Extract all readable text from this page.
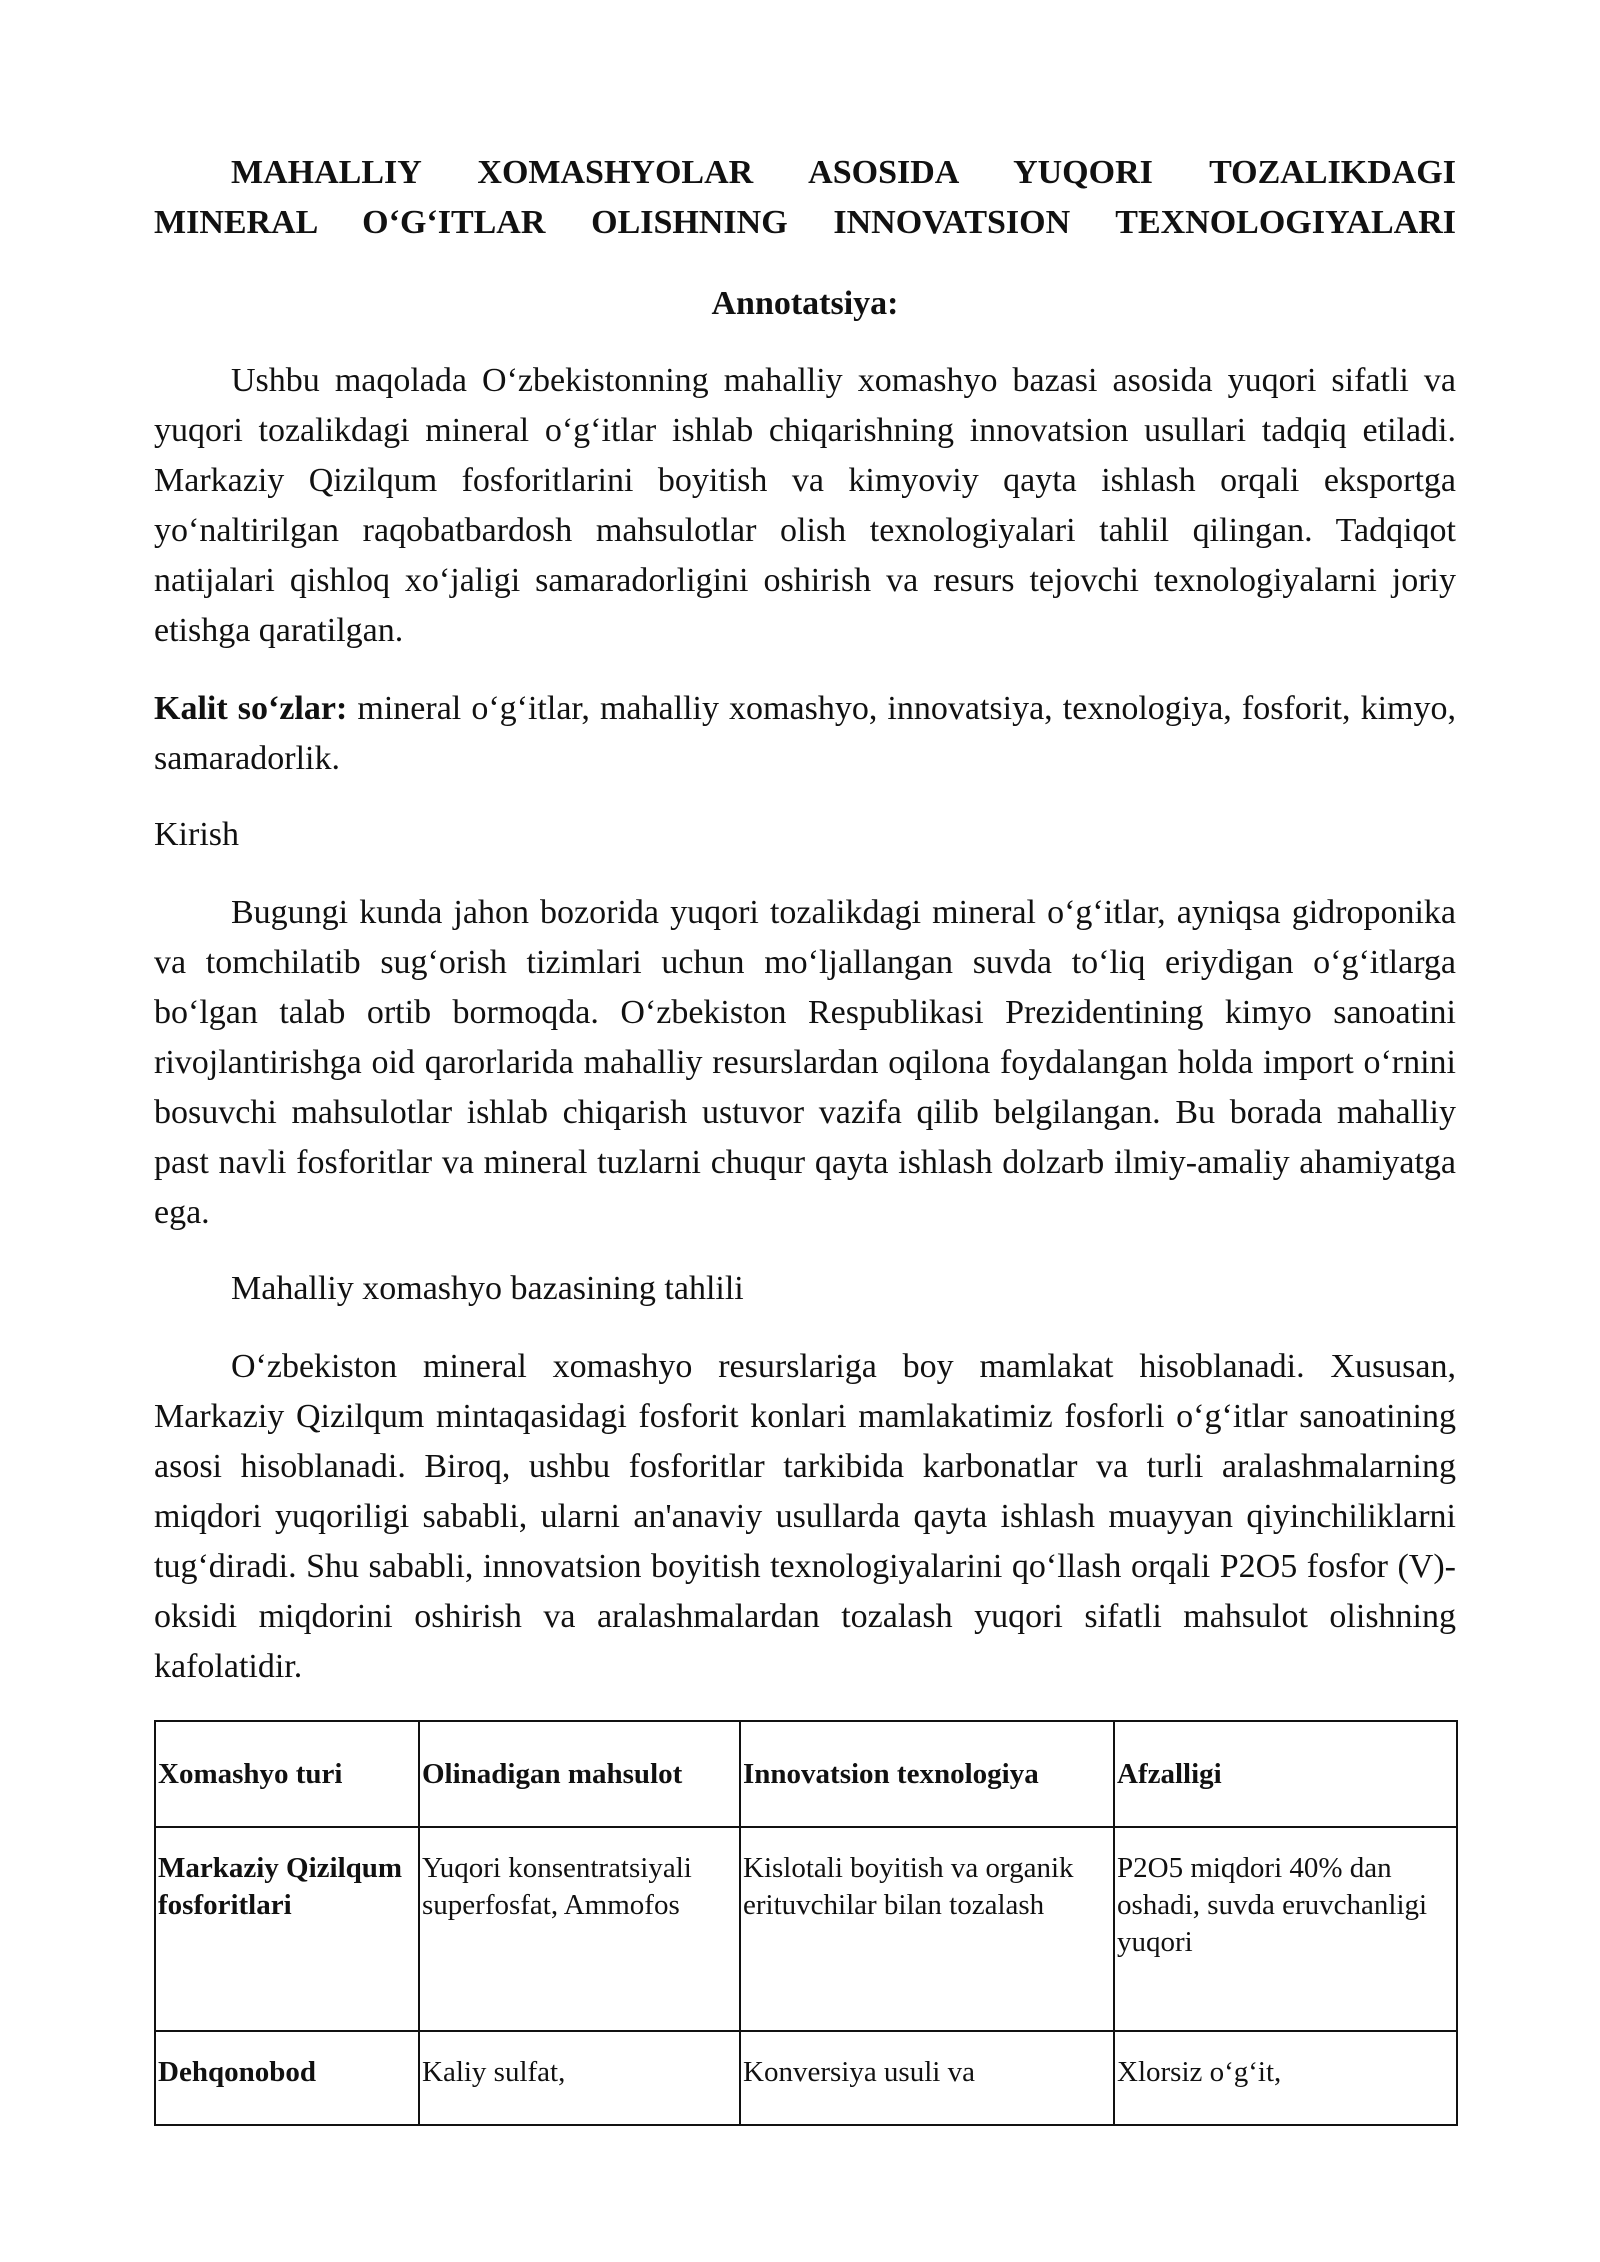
MAHALLIY XOMASHYOLAR ASOSIDA YUQORI TOZALIKDAGI
MINERAL O‘G‘ITLAR OLISHNING INNOVATSION TEXNOLOGIYALARI
Annotatsiya:
Ushbu maqolada O‘zbekistonning mahalliy xomashyo bazasi asosida yuqori sifatli va yuqori tozalikdagi mineral o‘g‘itlar ishlab chiqarishning innovatsion usullari tadqiq etiladi. Markaziy Qizilqum fosforitlarini boyitish va kimyoviy qayta ishlash orqali eksportga yo‘naltirilgan raqobatbardosh mahsulotlar olish texnologiyalari tahlil qilingan. Tadqiqot natijalari qishloq xo‘jaligi samaradorligini oshirish va resurs tejovchi texnologiyalarni joriy etishga qaratilgan.
Kalit so‘zlar: mineral o‘g‘itlar, mahalliy xomashyo, innovatsiya, texnologiya, fosforit, kimyo, samaradorlik.
Kirish
Bugungi kunda jahon bozorida yuqori tozalikdagi mineral o‘g‘itlar, ayniqsa gidroponika va tomchilatib sug‘orish tizimlari uchun mo‘ljallangan suvda to‘liq eriydigan o‘g‘itlarga bo‘lgan talab ortib bormoqda. O‘zbekiston Respublikasi Prezidentining kimyo sanoatini rivojlantirishga oid qarorlarida mahalliy resurslardan oqilona foydalangan holda import o‘rnini bosuvchi mahsulotlar ishlab chiqarish ustuvor vazifa qilib belgilangan. Bu borada mahalliy past navli fosforitlar va mineral tuzlarni chuqur qayta ishlash dolzarb ilmiy-amaliy ahamiyatga ega.
Mahalliy xomashyo bazasining tahlili
O‘zbekiston mineral xomashyo resurslariga boy mamlakat hisoblanadi. Xususan, Markaziy Qizilqum mintaqasidagi fosforit konlari mamlakatimiz fosforli o‘g‘itlar sanoatining asosi hisoblanadi. Biroq, ushbu fosforitlar tarkibida karbonatlar va turli aralashmalarning miqdori yuqoriligi sababli, ularni an'anaviy usullarda qayta ishlash muayyan qiyinchiliklarni tug‘diradi. Shu sababli, innovatsion boyitish texnologiyalarini qo‘llash orqali P2O5 fosfor (V)-oksidi miqdorini oshirish va aralashmalardan tozalash yuqori sifatli mahsulot olishning kafolatidir.
Xomashyo turi	Olinadigan mahsulot	Innovatsion texnologiya	Afzalligi
Markaziy Qizilqum fosforitlari	Yuqori konsentratsiyali superfosfat, Ammofos	Kislotali boyitish va organik erituvchilar bilan tozalash	P2O5 miqdori 40% dan oshadi, suvda eruvchanligi yuqori
Dehqonobod	Kaliy sulfat,	Konversiya usuli va	Xlorsiz o‘g‘it,
